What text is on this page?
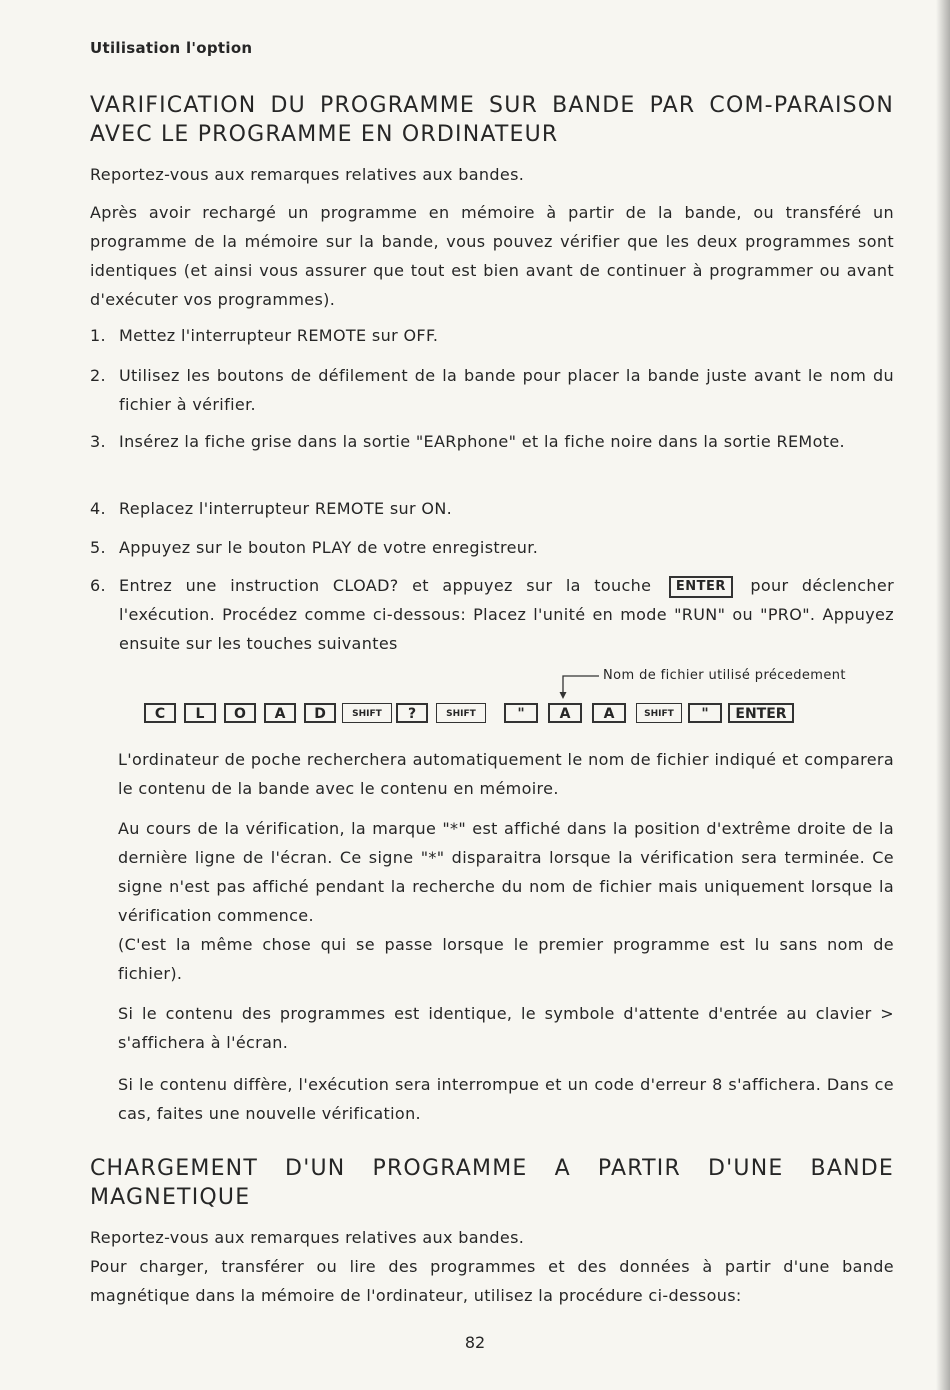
Utilisation l'option
VARIFICATION DU PROGRAMME SUR BANDE PAR COM-PARAISON AVEC LE PROGRAMME EN ORDINATEUR

Reportez-vous aux remarques relatives aux bandes.

Après avoir rechargé un programme en mémoire à partir de la bande, ou transféré un programme de la mémoire sur la bande, vous pouvez vérifier que les deux programmes sont identiques (et ainsi vous assurer que tout est bien avant de continuer à programmer ou avant d'exécuter vos programmes).

1. Mettez l'interrupteur REMOTE sur OFF.
2. Utilisez les boutons de défilement de la bande pour placer la bande juste avant le nom du fichier à vérifier.
3. Insérez la fiche grise dans la sortie "EARphone" et la fiche noire dans la sortie REMote.
4. Replacez l'interrupteur REMOTE sur ON.
5. Appuyez sur le bouton PLAY de votre enregistreur.
6. Entrez une instruction CLOAD? et appuyez sur la touche ENTER pour déclencher l'exécution. Procédez comme ci-dessous: Placez l'unité en mode "RUN" ou "PRO". Appuyez ensuite sur les touches suivantes
Nom de fichier utilisé précedement
C	L	O	A	D	SHIFT	?	SHIFT	"	A	A	SHIFT	"	ENTER

L'ordinateur de poche recherchera automatiquement le nom de fichier indiqué et comparera le contenu de la bande avec le contenu en mémoire.

Au cours de la vérification, la marque "*" est affiché dans la position d'extrême droite de la dernière ligne de l'écran. Ce signe "*" disparaitra lorsque la vérification sera terminée. Ce signe n'est pas affiché pendant la recherche du nom de fichier mais uniquement lorsque la vérification commence.

(C'est la même chose qui se passe lorsque le premier programme est lu sans nom de fichier).

Si le contenu des programmes est identique, le symbole d'attente d'entrée au clavier > s'affichera à l'écran.

Si le contenu diffère, l'exécution sera interrompue et un code d'erreur 8 s'affichera. Dans ce cas, faites une nouvelle vérification.

CHARGEMENT D'UN PROGRAMME A PARTIR D'UNE BANDE MAGNETIQUE

Reportez-vous aux remarques relatives aux bandes.

Pour charger, transférer ou lire des programmes et des données à partir d'une bande magnétique dans la mémoire de l'ordinateur, utilisez la procédure ci-dessous:

82
